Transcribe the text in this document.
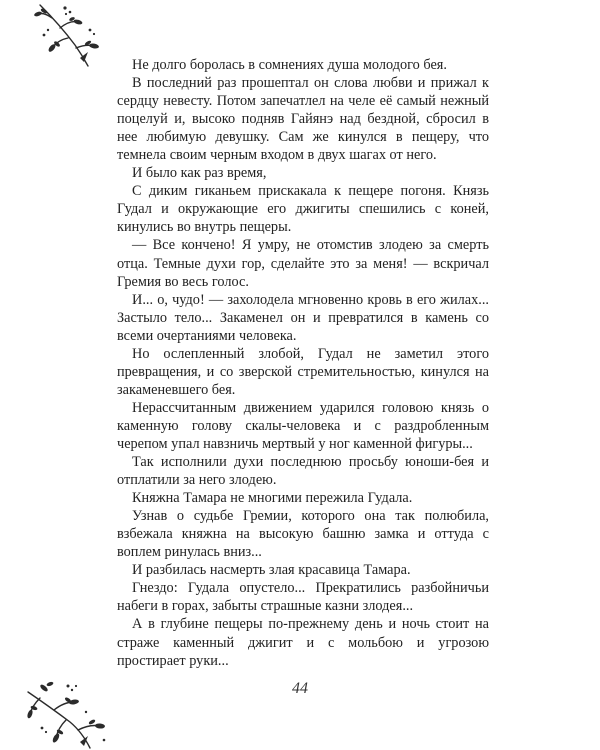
Не долго боролась в сомнениях душа молодого бея.

В последний раз прошептал он слова любви и прижал к сердцу невесту. Потом запечатлел на челе её самый нежный поцелуй и, высоко подняв Гайянэ над бездной, сбросил в нее любимую девушку. Сам же кинулся в пещеру, что темнела своим черным входом в двух шагах от него.

И было как раз время,

С диким гиканьем прискакала к пещере погоня. Князь Гудал и окружающие его джигиты спешились с коней, кинулись во внутрь пещеры.

— Все кончено! Я умру, не отомстив злодею за смерть отца. Темные духи гор, сделайте это за меня! — вскричал Гремия во весь голос.

И... о, чудо! — захолодела мгновенно кровь в его жилах... Застыло тело... Закаменел он и превратился в камень со всеми очертаниями человека.

Но ослепленный злобой, Гудал не заметил этого превращения, и со зверской стремительностью, кинулся на закаменевшего бея.

Нерассчитанным движением ударился головою князь о каменную голову скалы-человека и с раздробленным черепом упал навзничь мертвый у ног каменной фигуры...

Так исполнили духи последнюю просьбу юноши-бея и отплатили за него злодею.

Княжна Тамара не многими пережила Гудала.

Узнав о судьбе Гремии, которого она так полюбила, взбежала княжна на высокую башню замка и оттуда с воплем ринулась вниз...

И разбилась насмерть злая красавица Тамара.

Гнездо: Гудала опустело... Прекратились разбойничьи набеги в горах, забыты страшные казни злодея...

А в глубине пещеры по-прежнему день и ночь стоит на страже каменный джигит и с мольбою и угрозою простирает руки...

44
